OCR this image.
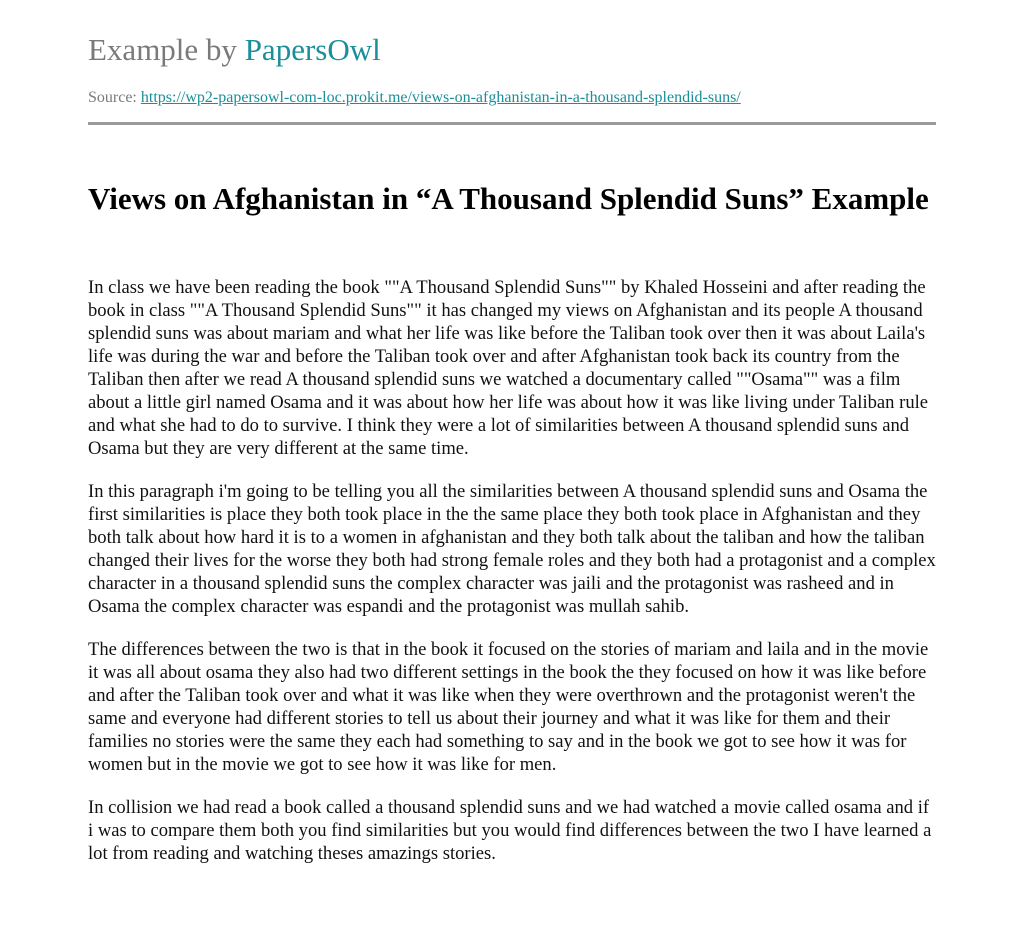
Example by PapersOwl
Source: https://wp2-papersowl-com-loc.prokit.me/views-on-afghanistan-in-a-thousand-splendid-suns/
Views on Afghanistan in “A Thousand Splendid Suns” Example

In class we have been reading the book ""A Thousand Splendid Suns"" by Khaled Hosseini and after reading the book in class ""A Thousand Splendid Suns"" it has changed my views on Afghanistan and its people A thousand splendid suns was about mariam and what her life was like before the Taliban took over then it was about Laila's life was during the war and before the Taliban took over and after Afghanistan took back its country from the Taliban then after we read A thousand splendid suns we watched a documentary called ""Osama"" was a film about a little girl named Osama and it was about how her life was about how it was like living under Taliban rule and what she had to do to survive. I think they were a lot of similarities between A thousand splendid suns and Osama but they are very different at the same time.

In this paragraph i'm going to be telling you all the similarities between A thousand splendid suns and Osama the first similarities is place they both took place in the the same place they both took place in Afghanistan and they both talk about how hard it is to a women in afghanistan and they both talk about the taliban and how the taliban changed their lives for the worse they both had strong female roles and they both had a protagonist and a complex character in a thousand splendid suns the complex character was jaili and the protagonist was rasheed and in Osama the complex character was espandi and the protagonist was mullah sahib.

The differences between the two is that in the book it focused on the stories of mariam and laila and in the movie it was all about osama they also had two different settings in the book the they focused on how it was like before and after the Taliban took over and what it was like when they were overthrown and the protagonist weren't the same and everyone had different stories to tell us about their journey and what it was like for them and their families no stories were the same they each had something to say and in the book we got to see how it was for women but in the movie we got to see how it was like for men.

In collision we had read a book called a thousand splendid suns and we had watched a movie called osama and if i was to compare them both you find similarities but you would find differences between the two I have learned a lot from reading and watching theses amazings stories.
